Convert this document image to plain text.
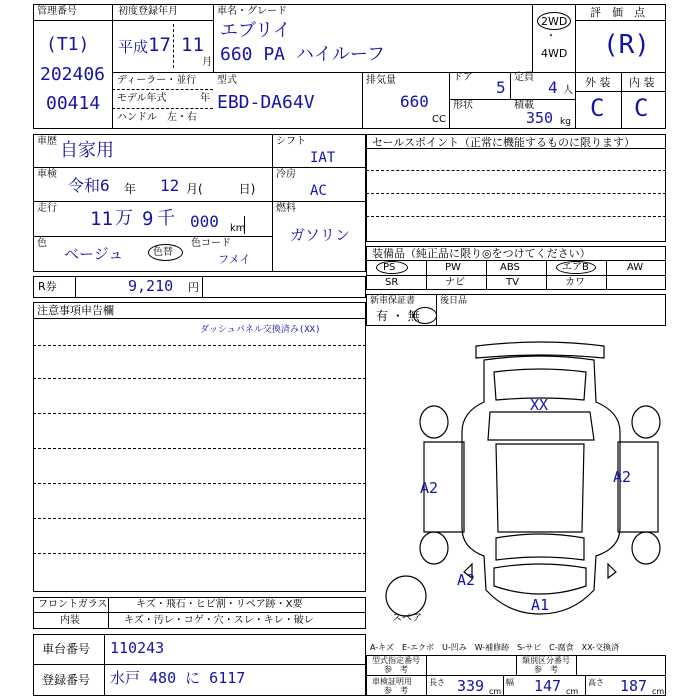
管理番号
(T1)
202406
00414
初度登録年月
平成 17 11
月
車名・グレード
エブリイ
660 PA ハイルーフ
2WD
・
4WD
評　価　点
(R)
外 装 内 装
C C
ディーラー・並行
モデル年式	年
ハンドル　左・右
型式
EBD-DA64V
排気量
660
CC
ドア
5
定員
4 人
形状	積載
350 kg
車歴 自家用
車検
令和6 年 12 月(　　　日)
走行 11 万 9 千 000 km
色
ベージュ	色替
色コード
フメイ
シフト
IAT
冷房
AC
燃料
ガソリン
R券	9,210 円
セールスポイント（正常に機能するものに限ります）
装備品（純正品に限り◎をつけてください）
PS	PW	ABS	エアB	AW
SR	ナビ	TV	カワ
新車保証書
有 ・ 無
後日品
注意事項申告欄
ダッシュパネル交換済み(XX)
XX
A2
A2
A2
A1
スペア
フロントガラス	キズ・飛石・ヒビ割・リペア跡・X要
内装	キズ・汚レ・コゲ・穴・スレ・キレ・破レ
車台番号 110243
登録番号 水戸 480 に 6117
A-キズ　E-エクボ　U-凹み　W-補修跡　S-サビ　C-腐食　XX-交換済
型式指定番号
参　考
類別区分番号
参　考
車検証明用
参　考
長さ 339 cm
幅 147 cm
高さ 187 cm
